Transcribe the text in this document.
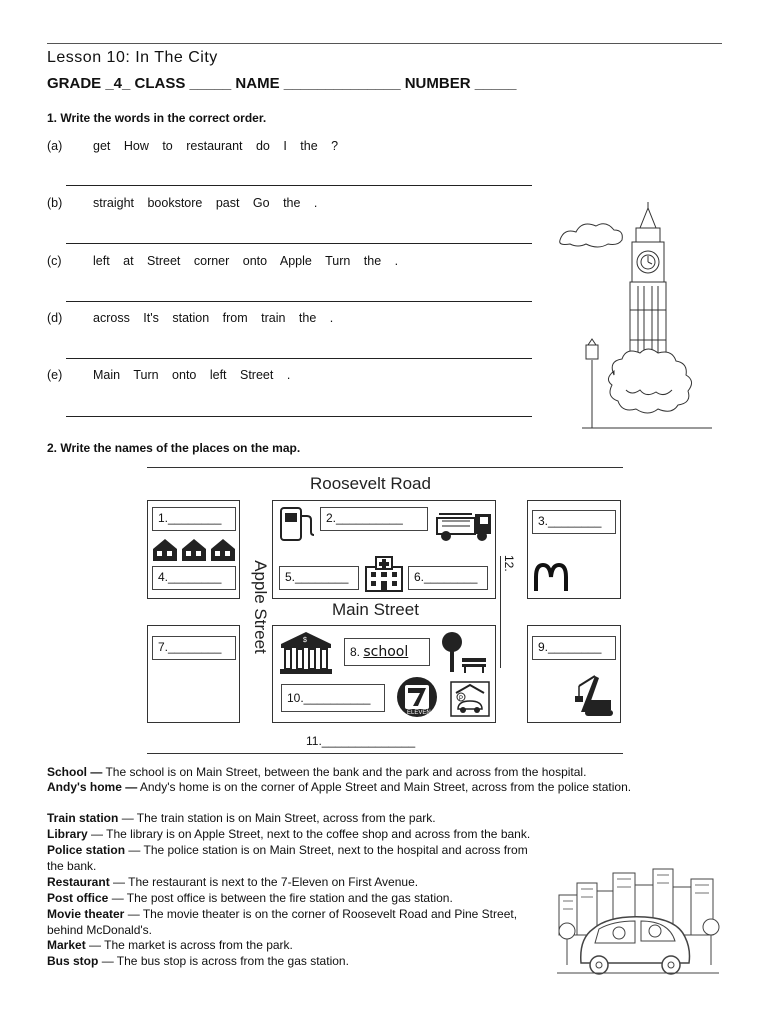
Lesson 10: In The City
GRADE _4_ CLASS _____ NAME ______________ NUMBER _____
1. Write the words in the correct order.
(a) get How to restaurant do I the ?
(b) straight bookstore past Go the .
(c)	left at Street corner onto Apple Turn the .
(d) across It's station from train the .
(e) Main Turn onto left Street .
2. Write the names of the places on the map.
Roosevelt Road
1.________
4.________	Apple Street
2.__________
5.________	6.________
12.
3.________
Main Street
7.________	$
8. school
10.__________
ELEVEN
P
9.________
11.______________
School — The school is on Main Street, between the bank and the park and across from the hospital.
Andy's home — Andy's home is on the corner of Apple Street and Main Street, across from the police station.
Train station — The train station is on Main Street, across from the park.
Library — The library is on Apple Street, next to the coffee shop and across from the bank.
Police station — The police station is on Main Street, next to the hospital and across from the bank.
Restaurant — The restaurant is next to the 7-Eleven on First Avenue.
Post office — The post office is between the fire station and the gas station.
Movie theater — The movie theater is on the corner of Roosevelt Road and Pine Street, behind McDonald's.
Market — The market is across from the park.
Bus stop — The bus stop is across from the gas station.
